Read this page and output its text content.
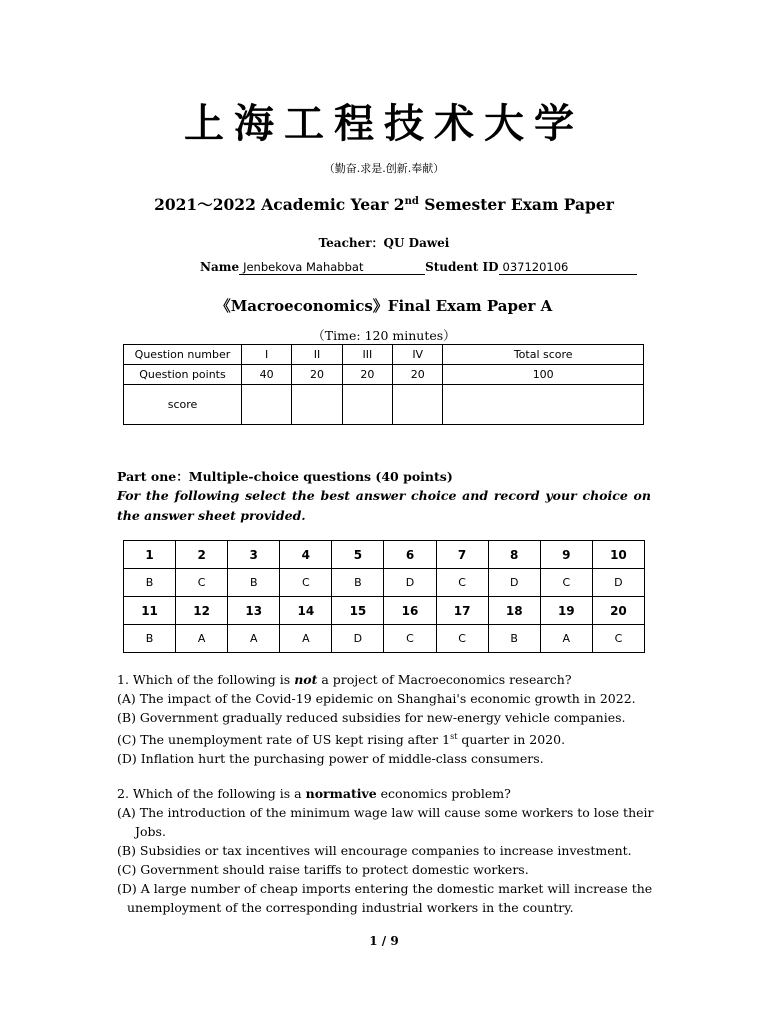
上海工程技术大学
（勤奋.求是.创新.奉献）
2021～2022 Academic Year 2nd Semester Exam Paper
Teacher：QU Dawei
Name Jenbekova Mahabbat	Student ID 037120106
《Macroeconomics》Final Exam Paper A
（Time: 120 minutes）
Question number	I	II	III	IV	Total score
Question points	40	20	20	20	100
score					
Part one：Multiple-choice questions (40 points)
For the following select the best answer choice and record your choice on the answer sheet provided.
1	2	3	4	5	6	7	8	9	10
B	C	B	C	B	D	C	D	C	D
11	12	13	14	15	16	17	18	19	20
B	A	A	A	D	C	C	B	A	C

1. Which of the following is not a project of Macroeconomics research?

(A) The impact of the Covid-19 epidemic on Shanghai's economic growth in 2022.

(B) Government gradually reduced subsidies for new-energy vehicle companies.

(C) The unemployment rate of US kept rising after 1st quarter in 2020.

(D) Inflation hurt the purchasing power of middle-class consumers.

2. Which of the following is a normative economics problem?

(A) The introduction of the minimum wage law will cause some workers to lose their

Jobs.

(B) Subsidies or tax incentives will encourage companies to increase investment.

(C) Government should raise tariffs to protect domestic workers.

(D) A large number of cheap imports entering the domestic market will increase the

unemployment of the corresponding industrial workers in the country.

1 / 9
